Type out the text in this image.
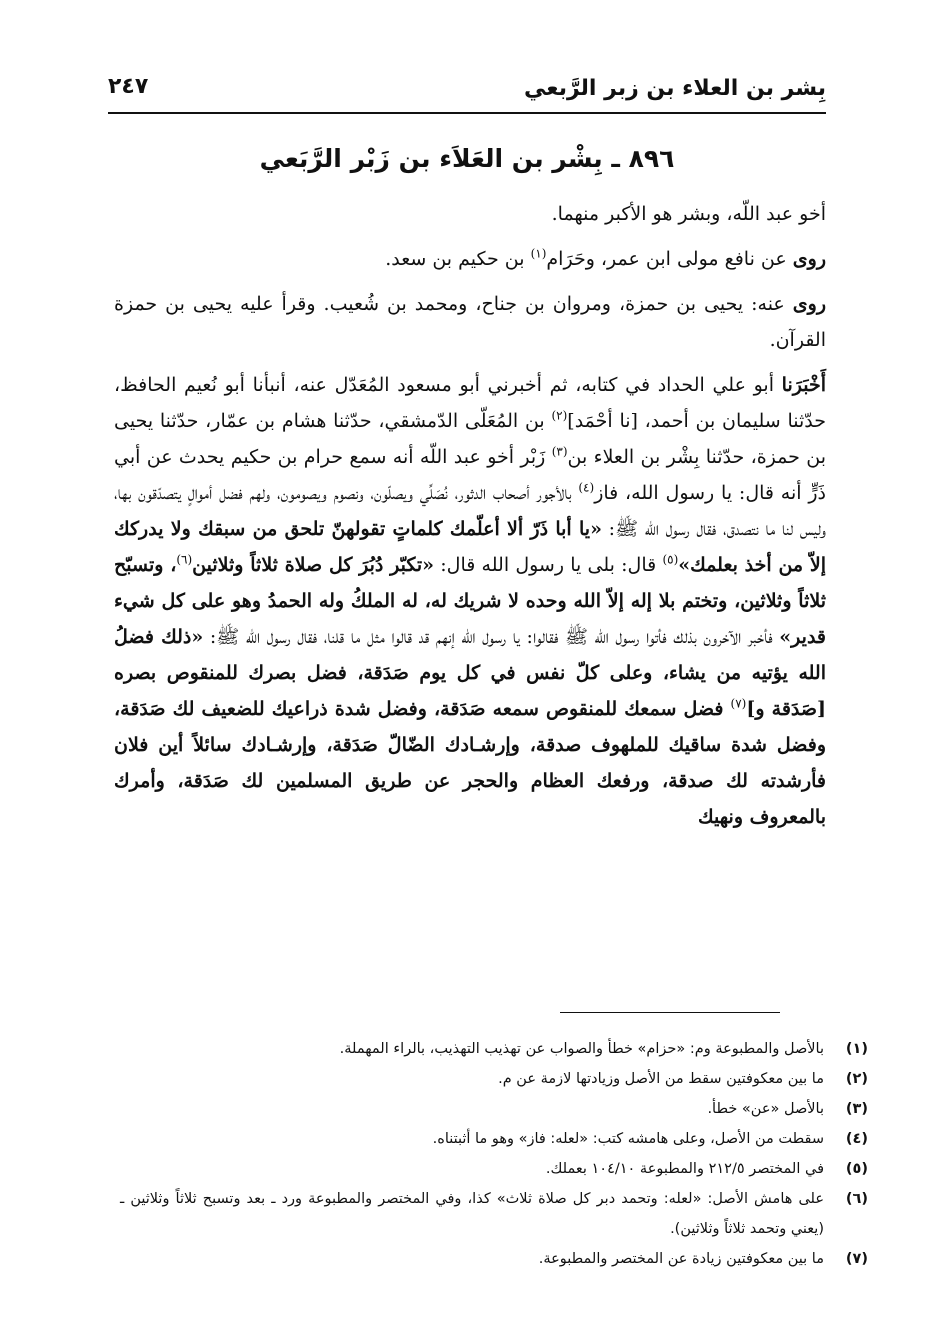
بِشر بن العلاء بن زبر الرَّبعي
٢٤٧
٨٩٦ ـ بِشْر بن العَلاَء بن زَبْر الرَّبَعي

أخو عبد اللّه، وبشر هو الأكبر منهما.

روى عن نافع مولى ابن عمر، وحَرَام$^{(١)}$ بن حكيم بن سعد.

روى عنه: يحيى بن حمزة، ومروان بن جناح، ومحمد بن شُعيب. وقرأ عليه يحيى بن حمزة القرآن.

أَخْبَرَنا أبو علي الحداد في كتابه، ثم أخبرني أبو مسعود المُعَدّل عنه، أنبأنا أبو نُعيم الحافظ، حدّثنا سليمان بن أحمد، [نا أحْمَد]$^{(٢)}$ بن المُعَلّى الدّمشقي، حدّثنا هشام بن عمّار، حدّثنا يحيى بن حمزة، حدّثنا بِشْر بن العلاء بن$^{(٣)}$ زَبْر أخو عبد اللّه أنه سمع حرام بن حكيم يحدث عن أبي ذَرٍّ أنه قال: يا رسول الله، فاز$^{(٤)}$ بالأجور أصحاب الدثور، نُصَلِّي ويصلّون، ونصوم ويصومون، ولهم فضل أموالٍ يتصدّقون بها، وليس لنا ما نتصدق، فقال رسول الله ﷺ: «يا أبا ذَرّ ألا أعلّمك كلماتٍ تقولهنّ تلحق من سبقك ولا يدركك إلاّ من أخذ بعلمك»$^{(٥)}$ قال: بلى يا رسول الله قال: «تكبّر دُبُرَ كل صلاة ثلاثاً وثلاثين$^{(٦)}$، وتسبّح ثلاثاً وثلاثين، وتختم بلا إله إلاّ الله وحده لا شريك له، له الملكُ وله الحمدُ وهو على كل شيء قدير» فأخبر الآخرون بذلك فأتوا رسول الله ﷺ فقالوا: يا رسول الله إنهم قد قالوا مثل ما قلنا، فقال رسول الله ﷺ: «ذلك فضلُ الله يؤتيه من يشاء، وعلى كلّ نفس في كل يوم صَدَقة، فضل بصرك للمنقوص بصره [صَدَقة و]$^{(٧)}$ فضل سمعك للمنقوص سمعه صَدَقة، وفضل شدة ذراعيك للضعيف لك صَدَقة، وفضل شدة ساقيك للملهوف صدقة، وإرشـادك الضّالّ صَدَقة، وإرشـادك سائلاً أين فلان فأرشدته لك صدقة، ورفعك العظام والحجر عن طريق المسلمين لك صَدَقة، وأمرك بالمعروف ونهيك

(١)
بالأصل والمطبوعة وم: «حزام» خطأ والصواب عن تهذيب التهذيب، بالراء المهملة.
(٢)
ما بين معكوفتين سقط من الأصل وزيادتها لازمة عن م.
(٣)
بالأصل «عن» خطأ.
(٤)
سقطت من الأصل، وعلى هامشه كتب: «لعله: فاز» وهو ما أثبتناه.
(٥)
في المختصر ٢١٢/٥ والمطبوعة ١٠٤/١٠ بعملك.
(٦)
على هامش الأصل: «لعله: وتحمد دبر كل صلاة ثلاث» كذا، وفي المختصر والمطبوعة ورد ـ بعد وتسبح ثلاثاً وثلاثين ـ (يعني وتحمد ثلاثاً وثلاثين).
(٧)
ما بين معكوفتين زيادة عن المختصر والمطبوعة.
